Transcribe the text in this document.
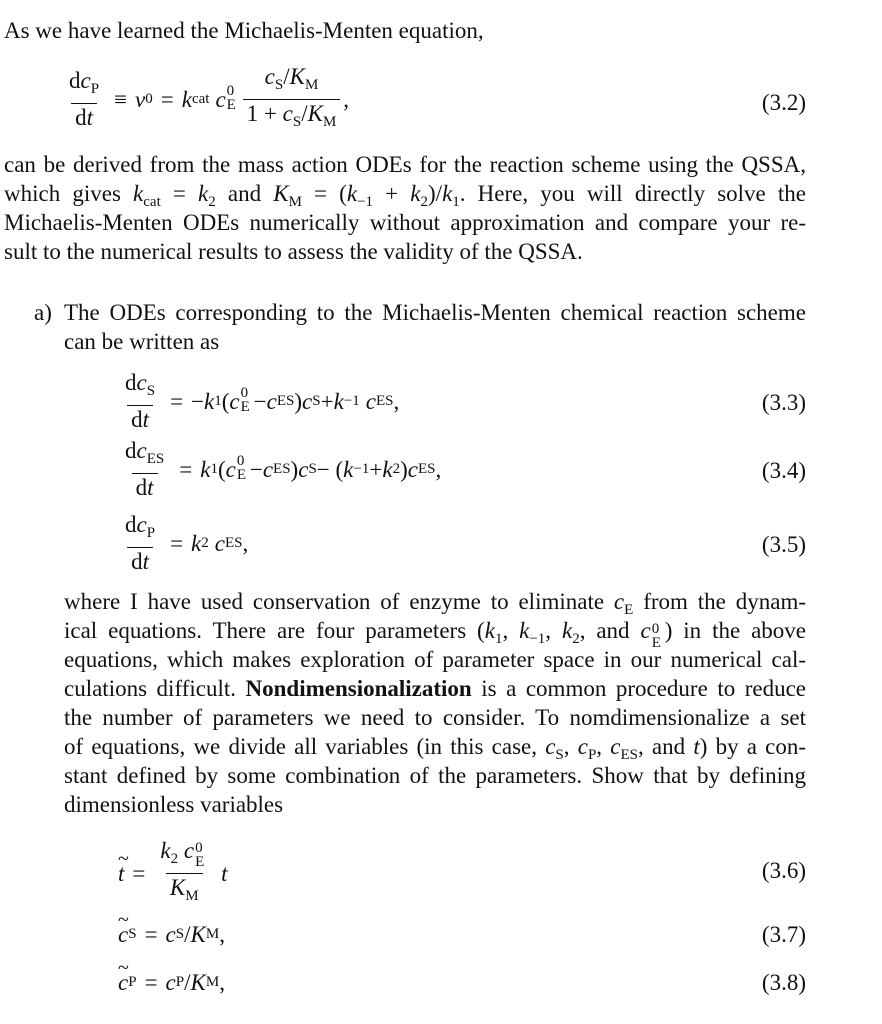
As we have learned the Michaelis-Menten equation,

$\frac{dc_P}{dt} \equiv v$ 0 = k cat c 0
E $\frac{c_S/K_M}{1 + c_S/K_M}$ ,	(3.2)

can be derived from the mass action ODEs for the reaction scheme using the QSSA,

which gives $k_{cat} = k_2$ and $K_M = (k_{-1} + k_2)/k_1$. Here, you will directly solve the

Michaelis-Menten ODEs numerically without approximation and compare your re-

sult to the numerical results to assess the validity of the QSSA.

a) The ODEs corresponding to the Michaelis-Menten chemical reaction scheme

can be written as

$\frac{dc_S}{dt}$ = − k 1 ( c 0
E − c ES ) c S + k −1 c ES ,	(3.3)
$\frac{dc_{ES}}{dt} = k$ 1 ( c 0
E − c ES ) c S − ( k −1 + k 2 ) c ES ,	(3.4)
$\frac{dc_P}{dt} = k$ 2 c ES ,	(3.5)

where I have used conservation of enzyme to eliminate $c_E$ from the dynam-

ical equations. There are four parameters ($k_1$, $k_{-1}$, $k_2$, and c 0
E ) in the above

equations, which makes exploration of parameter space in our numerical cal-

culations difficult. Nondimensionalization is a common procedure to reduce

the number of parameters we need to consider. To nomdimensionalize a set

of equations, we divide all variables (in this case, $c_S$, $c_P$, $c_{ES}$, and t) by a con-

stant defined by some combination of the parameters. Show that by defining

dimensionless variables

t ~ = $k_2$ c 0
E
$K_M$ t	(3.6)
c ~ S = c S / K M ,	(3.7)
c ~ P = c P / K M ,	(3.8)
